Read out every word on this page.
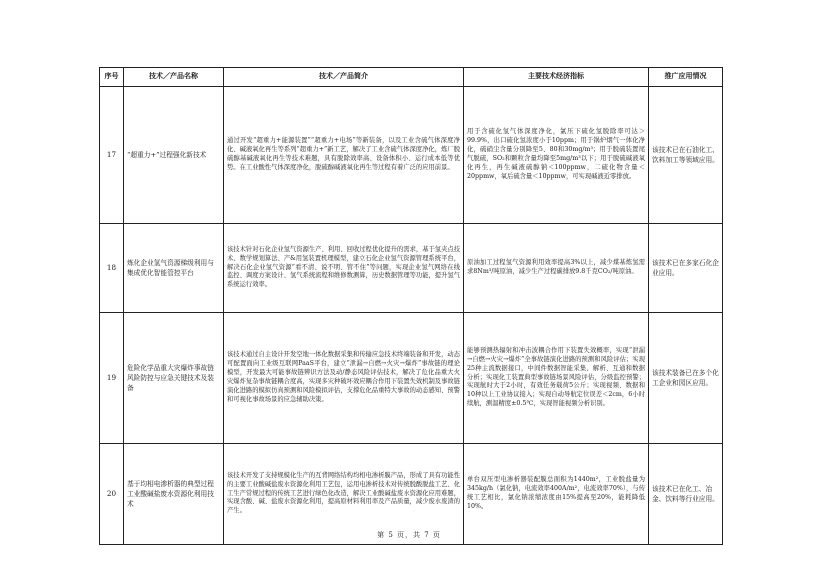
序号	技术／产品名称	技术／产品简介	主要技术经济指标	推广应用情况
17	“超重力+”过程强化新技术	通过开发“超重力+能源装置”“超重力+电场”等新装备，以及工业含硫气体深度净化、碱液氧化再生等系列“超重力+”新工艺，解决了工业含硫气体深度净化，炼厂脱硫醇基碱液氧化再生等技术难题，具有脱除效率高、设备体积小、运行成本低等优势。在工业酸性气体深度净化，脱硫醇碱液氧化再生等过程有着广泛的应用前景。	用于含硫化氢气体深度净化，氯压下硫化氢脱除率可达＞99.9%，出口硫化氢浓度小于10ppm；用于锅炉烟气一体化净化，硫硝尘含量分别降至5、80和30mg/m³；用于脱硫装置尾气脱硫，SO₂和颗粒含量均降至5mg/m³以下；用于脱硫碱液氧化再生，再生碱液硫醇钠＜100ppmw，二硫化物含量＜20ppmw，氧后硫含量＜10ppmw，可实现碱液近零排放。	该技术已在石油化工、饮料加工等领域应用。
18	炼化企业氢气资源梯级利用与集成优化智能管控平台	该技术针对石化企业氢气资源生产、利用、回收过程优化提升的需求，基于氢夹点技术、数学规划算法、产&用氢装置机理模型，建立石化企业氢气资源管理系统平台，解决石化企业氢气资源“看不清、说不明、管不住”等问题，实现企业氢气网络在线监控、调度方案设计、氢气系统流程和维修数测算，历史数据管理等功能，提升氢气系统运行效率。	原油加工过程氢气资源利用效率提高3%以上，减少煤基炼氢需求8Nm³/吨原油，减少生产过程碳排放9.8千克CO₂/吨原油。	该技术已在多家石化企业应用。
19	危险化学品重大灾爆炸事故链风险防控与应急关键技术及装备	该技术通过自主设计开发空地一体化数据采集和传输应急技术终端装备和开发，动态可配置面向工业级互联网PaaS平台，建立“泄漏→自燃→火灾→爆炸”事故链的理论模型，开发最大可能事故链辨识方法及动/静态风险评估技术，解决了危化品重大火灾爆炸复杂事故链耦合度高，实现多灾种破坏效应耦合作用下装置失效机制及事故链演化进路的模拟仿真预测和风险模拟评估，支撑危化品重特大事故的动态感知、预警和可视化事故场景的应急辅助决策。	能够预测热辐射和冲击波耦合作用下装置失效概率，实现“泄漏→自燃→火灾→爆炸”全事故链演化进路的预测和风险评估；实现25种主流数据接口，中间件数据智能采集、解析、互通和数据分析；实现化工装置典型事故链场景风险评估，分级监控预警；实现航时大于2小时，有效任务载荷5公斤；实现视频、数据和10种以上工业协议接入；实现自动导航定位误差＜2cm，6小时续航，测温精度±0.5℃，实现智能视频分析识别。	该技术装备已在多个化工企业和园区应用。
20	基于均相电渗析器的典型过程工业酸碱盐废水资源化利用技术	该技术开发了支持规模化生产的互背网络结构均相电渗析膜产品，形成了具有功能性的主要工业酸碱盐废水资源化利用工艺包，运用电渗析技术对传统脱酸脱盐工艺、化工生产常规过程的传统工艺进行绿色化改造，解决工业酸碱盐废水资源化应用难题，实现含酸、碱、盐废水资源化利用，提高原材料利用率及产品质量，减少废水废渣的产生。	单台双压型电渗析器装配膜总面积为1440m²，工业脱盐量为345kg/h（氯化钠，电流效率400A/m²，电流效率70%），与传统工艺相比，氯化钠浓缩浓度由15%提高至20%，能耗降低10%。	该技术已在化工、冶金、饮料等行业应用。
第 5 页，共 7 页
